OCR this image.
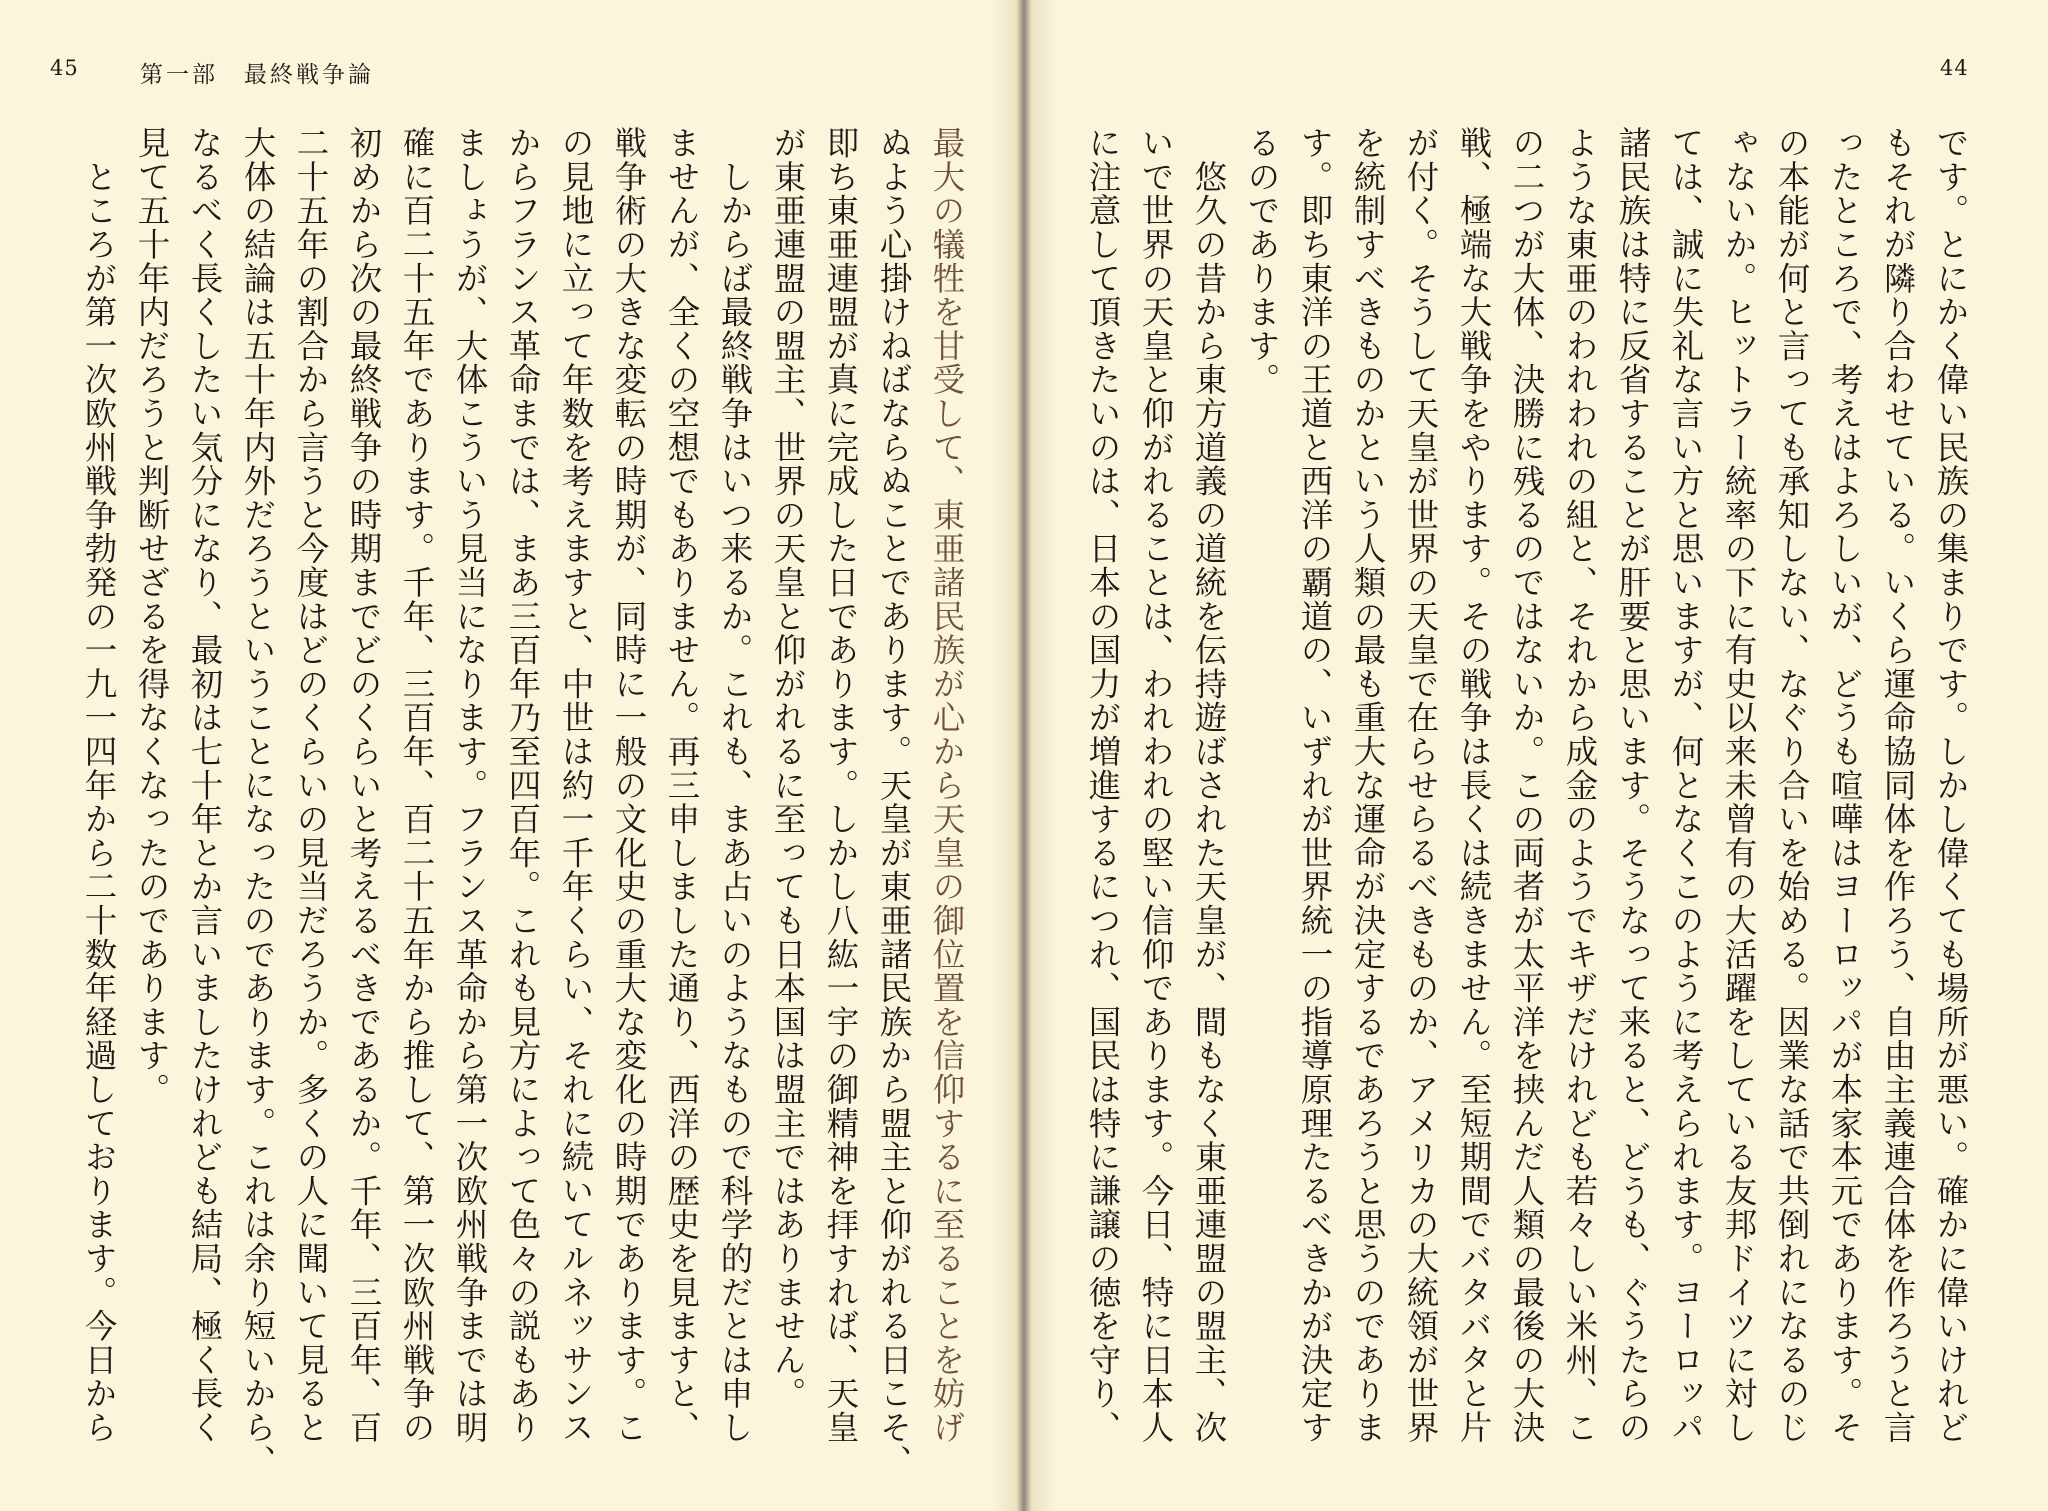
45	第一部　最終戦争論
最大の犠牲を甘受して、東亜諸民族が心から天皇の御位置を信仰するに至ることを妨げ
ぬよう心掛けねばならぬことであります。天皇が東亜諸民族から盟主と仰がれる日こそ、
即ち東亜連盟が真に完成した日であります。しかし八紘一宇の御精神を拝すれば、天皇
が東亜連盟の盟主、世界の天皇と仰がれるに至っても日本国は盟主ではありません。
　しからば最終戦争はいつ来るか。これも、まあ占いのようなもので科学的だとは申し
ませんが、全くの空想でもありません。再三申しました通り、西洋の歴史を見ますと、
戦争術の大きな変転の時期が、同時に一般の文化史の重大な変化の時期であります。こ
の見地に立って年数を考えますと、中世は約一千年くらい、それに続いてルネッサンス
からフランス革命までは、まあ三百年乃至四百年。これも見方によって色々の説もあり
ましょうが、大体こういう見当になります。フランス革命から第一次欧州戦争までは明
確に百二十五年であります。千年、三百年、百二十五年から推して、第一次欧州戦争の
初めから次の最終戦争の時期までどのくらいと考えるべきであるか。千年、三百年、百
二十五年の割合から言うと今度はどのくらいの見当だろうか。多くの人に聞いて見ると
大体の結論は五十年内外だろうということになったのであります。これは余り短いから、
なるべく長くしたい気分になり、最初は七十年とか言いましたけれども結局、極く長く
見て五十年内だろうと判断せざるを得なくなったのであります。
　ところが第一次欧州戦争勃発の一九一四年から二十数年経過しております。今日から
44
です。とにかく偉い民族の集まりです。しかし偉くても場所が悪い。確かに偉いけれど
もそれが隣り合わせている。いくら運命協同体を作ろう、自由主義連合体を作ろうと言
ったところで、考えはよろしいが、どうも喧嘩はヨーロッパが本家本元であります。そ
の本能が何と言っても承知しない、なぐり合いを始める。因業な話で共倒れになるのじ
ゃないか。ヒットラー統率の下に有史以来未曾有の大活躍をしている友邦ドイツに対し
ては、誠に失礼な言い方と思いますが、何となくこのように考えられます。ヨーロッパ
諸民族は特に反省することが肝要と思います。そうなって来ると、どうも、ぐうたらの
ような東亜のわれわれの組と、それから成金のようでキザだけれども若々しい米州、こ
の二つが大体、決勝に残るのではないか。この両者が太平洋を挟んだ人類の最後の大決
戦、極端な大戦争をやります。その戦争は長くは続きません。至短期間でバタバタと片
が付く。そうして天皇が世界の天皇で在らせらるべきものか、アメリカの大統領が世界
を統制すべきものかという人類の最も重大な運命が決定するであろうと思うのでありま
す。即ち東洋の王道と西洋の覇道の、いずれが世界統一の指導原理たるべきかが決定す
るのであります。
　悠久の昔から東方道義の道統を伝持遊ばされた天皇が、間もなく東亜連盟の盟主、次
いで世界の天皇と仰がれることは、われわれの堅い信仰であります。今日、特に日本人
に注意して頂きたいのは、日本の国力が増進するにつれ、国民は特に謙譲の徳を守り、
